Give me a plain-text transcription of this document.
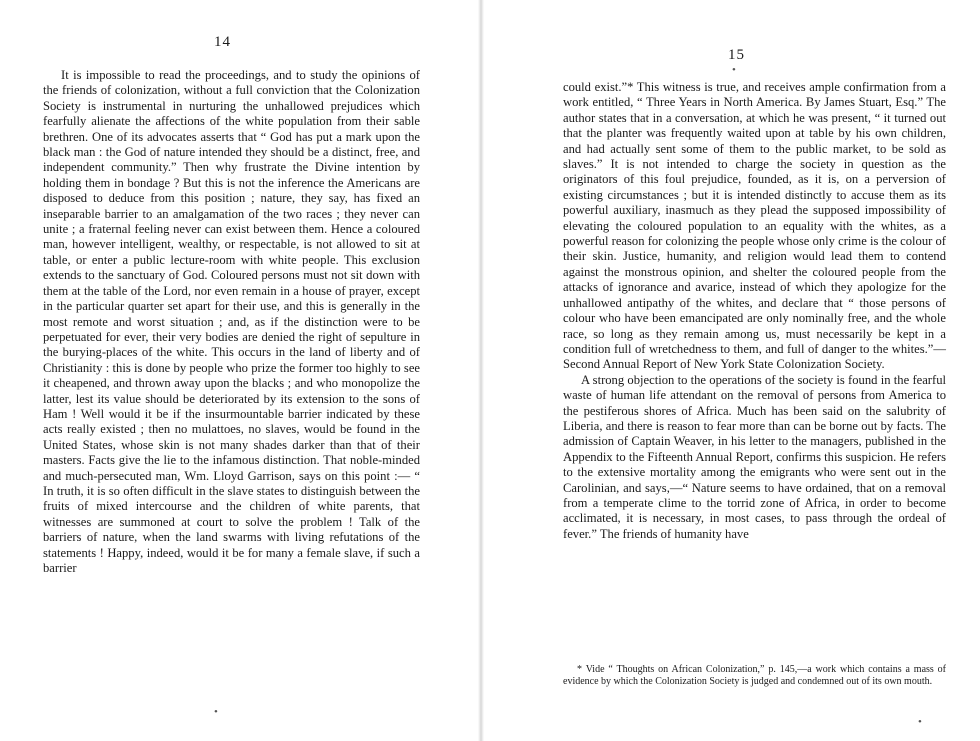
14

It is impossible to read the proceedings, and to study the opinions of the friends of colonization, without a full conviction that the Colonization Society is instrumental in nurturing the unhallowed prejudices which fearfully alienate the affections of the white population from their sable brethren. One of its advocates asserts that “ God has put a mark upon the black man : the God of nature intended they should be a distinct, free, and independent community.” Then why frustrate the Divine intention by holding them in bondage ? But this is not the inference the Americans are disposed to deduce from this position ; nature, they say, has fixed an inseparable barrier to an amalgamation of the two races ; they never can unite ; a fraternal feeling never can exist between them. Hence a coloured man, however intelligent, wealthy, or respectable, is not allowed to sit at table, or enter a public lecture-room with white people. This exclusion extends to the sanctuary of God. Coloured persons must not sit down with them at the table of the Lord, nor even remain in a house of prayer, except in the particular quarter set apart for their use, and this is generally in the most remote and worst situation ; and, as if the distinction were to be perpetuated for ever, their very bodies are denied the right of sepulture in the burying-places of the white. This occurs in the land of liberty and of Christianity : this is done by people who prize the former too highly to see it cheapened, and thrown away upon the blacks ; and who monopolize the latter, lest its value should be deteriorated by its extension to the sons of Ham ! Well would it be if the insurmountable barrier indicated by these acts really existed ; then no mulattoes, no slaves, would be found in the United States, whose skin is not many shades darker than that of their masters. Facts give the lie to the infamous distinction. That noble-minded and much-persecuted man, Wm. Lloyd Garrison, says on this point :— “ In truth, it is so often difficult in the slave states to distinguish between the fruits of mixed intercourse and the children of white parents, that witnesses are summoned at court to solve the problem ! Talk of the barriers of nature, when the land swarms with living refutations of the statements ! Happy, indeed, would it be for many a female slave, if such a barrier

•
•
15

could exist.”* This witness is true, and receives ample confirmation from a work entitled, “ Three Years in North America. By James Stuart, Esq.” The author states that in a conversation, at which he was present, “ it turned out that the planter was frequently waited upon at table by his own children, and had actually sent some of them to the public market, to be sold as slaves.” It is not intended to charge the society in question as the originators of this foul prejudice, founded, as it is, on a perversion of existing circumstances ; but it is intended distinctly to accuse them as its powerful auxiliary, inasmuch as they plead the supposed impossibility of elevating the coloured population to an equality with the whites, as a powerful reason for colonizing the people whose only crime is the colour of their skin. Justice, humanity, and religion would lead them to contend against the monstrous opinion, and shelter the coloured people from the attacks of ignorance and avarice, instead of which they apologize for the unhallowed antipathy of the whites, and declare that “ those persons of colour who have been emancipated are only nominally free, and the whole race, so long as they remain among us, must necessarily be kept in a condition full of wretchedness to them, and full of danger to the whites.”—Second Annual Report of New York State Colonization Society.

A strong objection to the operations of the society is found in the fearful waste of human life attendant on the removal of persons from America to the pestiferous shores of Africa. Much has been said on the salubrity of Liberia, and there is reason to fear more than can be borne out by facts. The admission of Captain Weaver, in his letter to the managers, published in the Appendix to the Fifteenth Annual Report, confirms this suspicion. He refers to the extensive mortality among the emigrants who were sent out in the Carolinian, and says,—“ Nature seems to have ordained, that on a removal from a temperate clime to the torrid zone of Africa, in order to become acclimated, it is necessary, in most cases, to pass through the ordeal of fever.” The friends of humanity have

* Vide “ Thoughts on African Colonization,” p. 145,—a work which contains a mass of evidence by which the Colonization Society is judged and condemned out of its own mouth.

•
